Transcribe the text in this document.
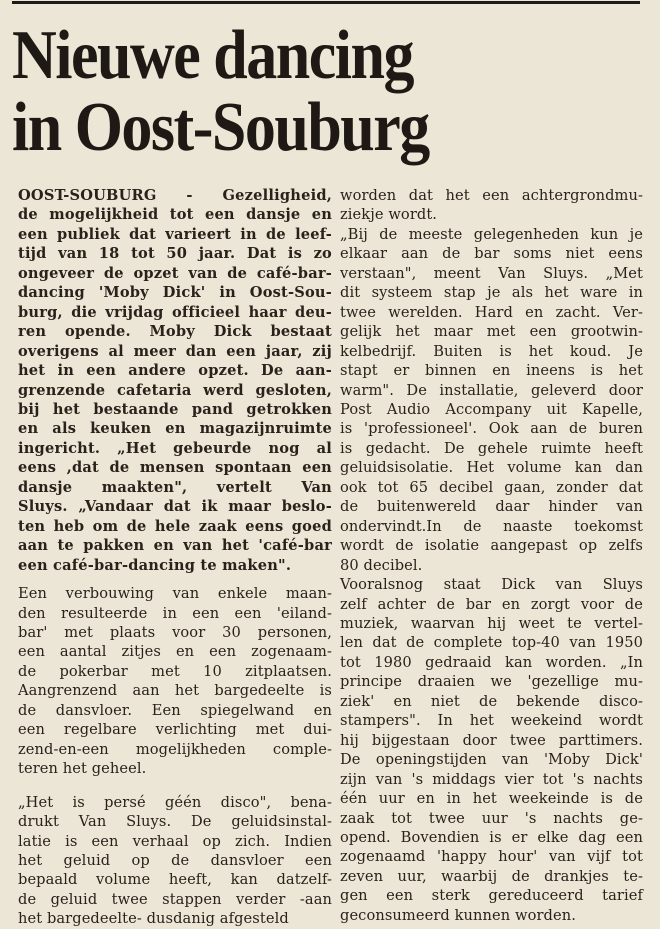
Nieuwe dancing
in Oost-Souburg

OOST-SOUBURG - Gezelligheid,
de mogelijkheid tot een dansje en
een publiek dat varieert in de leef-
tijd van 18 tot 50 jaar. Dat is zo
ongeveer de opzet van de café-bar-
dancing 'Moby Dick' in Oost-Sou-
burg, die vrijdag officieel haar deu-
ren opende. Moby Dick bestaat
overigens al meer dan een jaar, zij
het in een andere opzet. De aan-
grenzende cafetaria werd gesloten,
bij het bestaande pand getrokken
en als keuken en magazijnruimte
ingericht. „Het gebeurde nog al
eens ,dat de mensen spontaan een
dansje maakten", vertelt Van
Sluys. „Vandaar dat ik maar beslo-
ten heb om de hele zaak eens goed
aan te pakken en van het 'café-bar
een café-bar-dancing te maken".

Een verbouwing van enkele maan-
den resulteerde in een een 'eiland-
bar' met plaats voor 30 personen,
een aantal zitjes en een zogenaam-
de pokerbar met 10 zitplaatsen.
Aangrenzend aan het bargedeelte is
de dansvloer. Een spiegelwand en
een regelbare verlichting met dui-
zend-en-een mogelijkheden comple-
teren het geheel.

„Het is persé géén disco", bena-
drukt Van Sluys. De geluidsinstal-
latie is een verhaal op zich. Indien
het geluid op de dansvloer een
bepaald volume heeft, kan datzelf-
de geluid twee stappen verder -aan
het bargedeelte- dusdanig afgesteld

worden dat het een achtergrondmu-
ziekje wordt.

„Bij de meeste gelegenheden kun je
elkaar aan de bar soms niet eens
verstaan", meent Van Sluys. „Met
dit systeem stap je als het ware in
twee werelden. Hard en zacht. Ver-
gelijk het maar met een grootwin-
kelbedrijf. Buiten is het koud. Je
stapt er binnen en ineens is het
warm". De installatie, geleverd door
Post Audio Accompany uit Kapelle,
is 'professioneel'. Ook aan de buren
is gedacht. De gehele ruimte heeft
geluidsisolatie. Het volume kan dan
ook tot 65 decibel gaan, zonder dat
de buitenwereld daar hinder van
ondervindt.In de naaste toekomst
wordt de isolatie aangepast op zelfs
80 decibel.

Vooralsnog staat Dick van Sluys
zelf achter de bar en zorgt voor de
muziek, waarvan hij weet te vertel-
len dat de complete top-40 van 1950
tot 1980 gedraaid kan worden. „In
principe draaien we 'gezellige mu-
ziek' en niet de bekende disco-
stampers". In het weekeind wordt
hij bijgestaan door twee parttimers.
De openingstijden van 'Moby Dick'
zijn van 's middags vier tot 's nachts
één uur en in het weekeinde is de
zaak tot twee uur 's nachts ge-
opend. Bovendien is er elke dag een
zogenaamd 'happy hour' van vijf tot
zeven uur, waarbij de drankjes te-
gen een sterk gereduceerd tarief
geconsumeerd kunnen worden.
